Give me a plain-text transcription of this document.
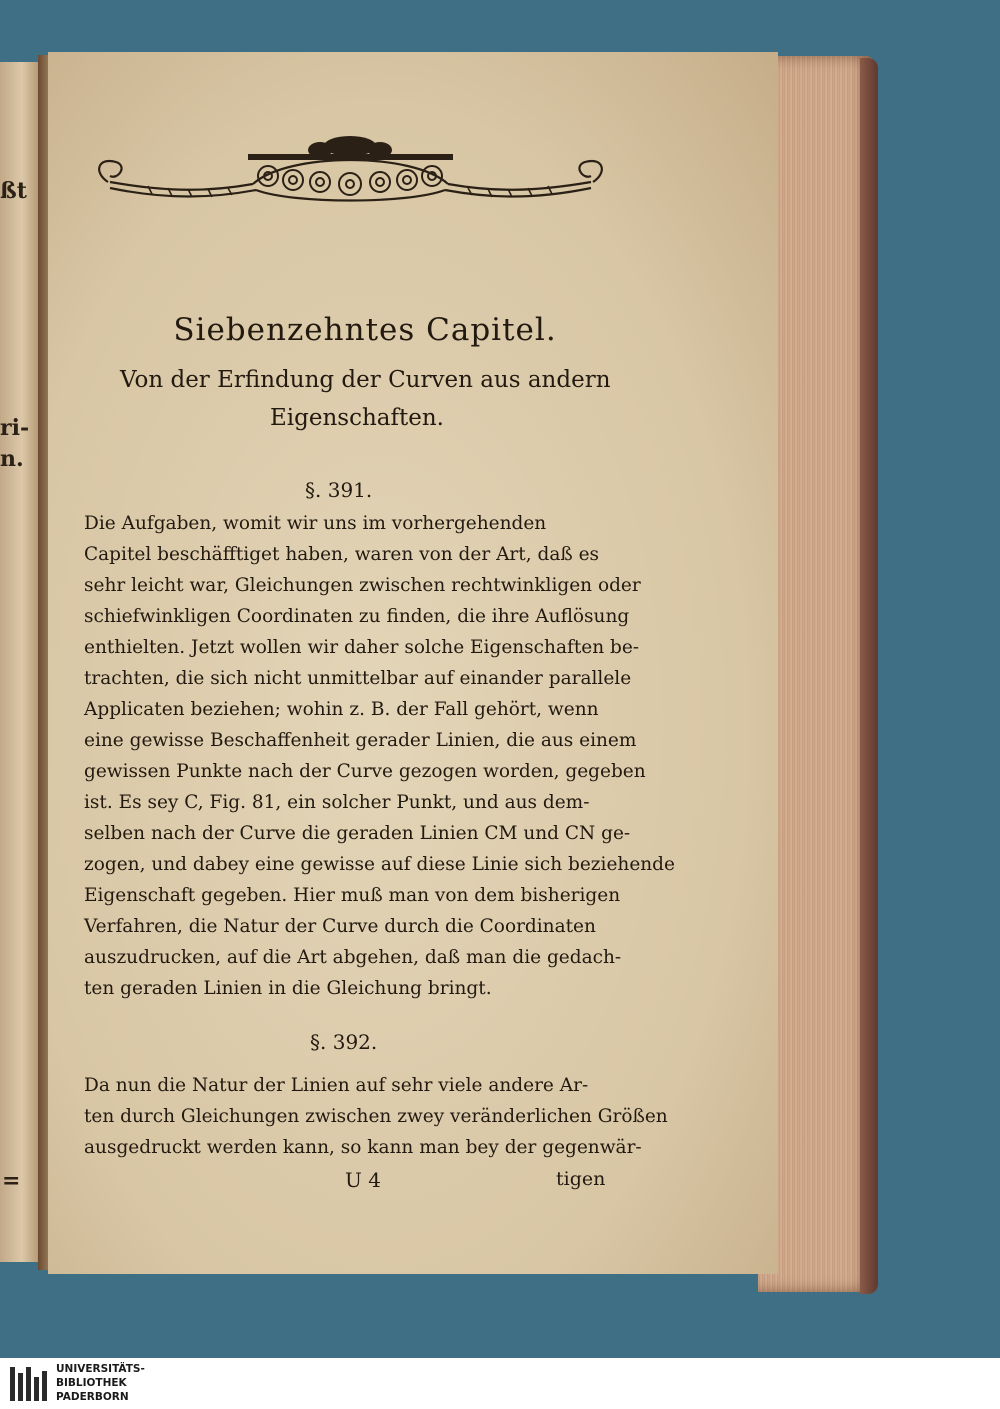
ßt
ri-
n.
=
Siebenzehntes Capitel.
Von der Erfindung der Curven aus andern
Eigenschaften.
§. 391.
Die Aufgaben, womit wir uns im vorhergehenden
Capitel beschäfftiget haben, waren von der Art, daß es
sehr leicht war, Gleichungen zwischen rechtwinkligen oder
schiefwinkligen Coordinaten zu finden, die ihre Auflösung
enthielten. Jetzt wollen wir daher solche Eigenschaften be-
trachten, die sich nicht unmittelbar auf einander parallele
Applicaten beziehen; wohin z. B. der Fall gehört, wenn
eine gewisse Beschaffenheit gerader Linien, die aus einem
gewissen Punkte nach der Curve gezogen worden, gegeben
ist. Es sey C, Fig. 81, ein solcher Punkt, und aus dem-
selben nach der Curve die geraden Linien CM und CN ge-
zogen, und dabey eine gewisse auf diese Linie sich beziehende
Eigenschaft gegeben. Hier muß man von dem bisherigen
Verfahren, die Natur der Curve durch die Coordinaten
auszudrucken, auf die Art abgehen, daß man die gedach-
ten geraden Linien in die Gleichung bringt.
§. 392.
Da nun die Natur der Linien auf sehr viele andere Ar-
ten durch Gleichungen zwischen zwey veränderlichen Größen
ausgedruckt werden kann, so kann man bey der gegenwär-
U 4	tigen
UNIVERSITÄTS-
BIBLIOTHEK
PADERBORN
